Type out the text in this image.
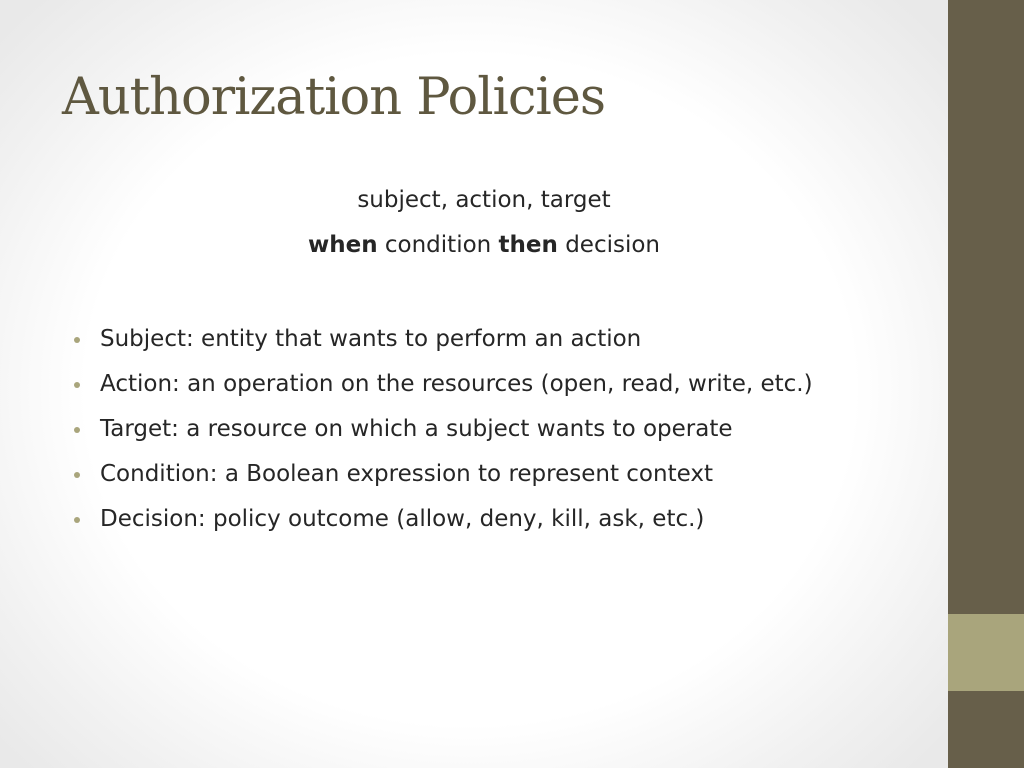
Authorization Policies
subject, action, target
when condition then decision
Subject: entity that wants to perform an action
Action: an operation on the resources (open, read, write, etc.)
Target: a resource on which a subject wants to operate
Condition: a Boolean expression to represent context
Decision: policy outcome (allow, deny, kill, ask, etc.)
